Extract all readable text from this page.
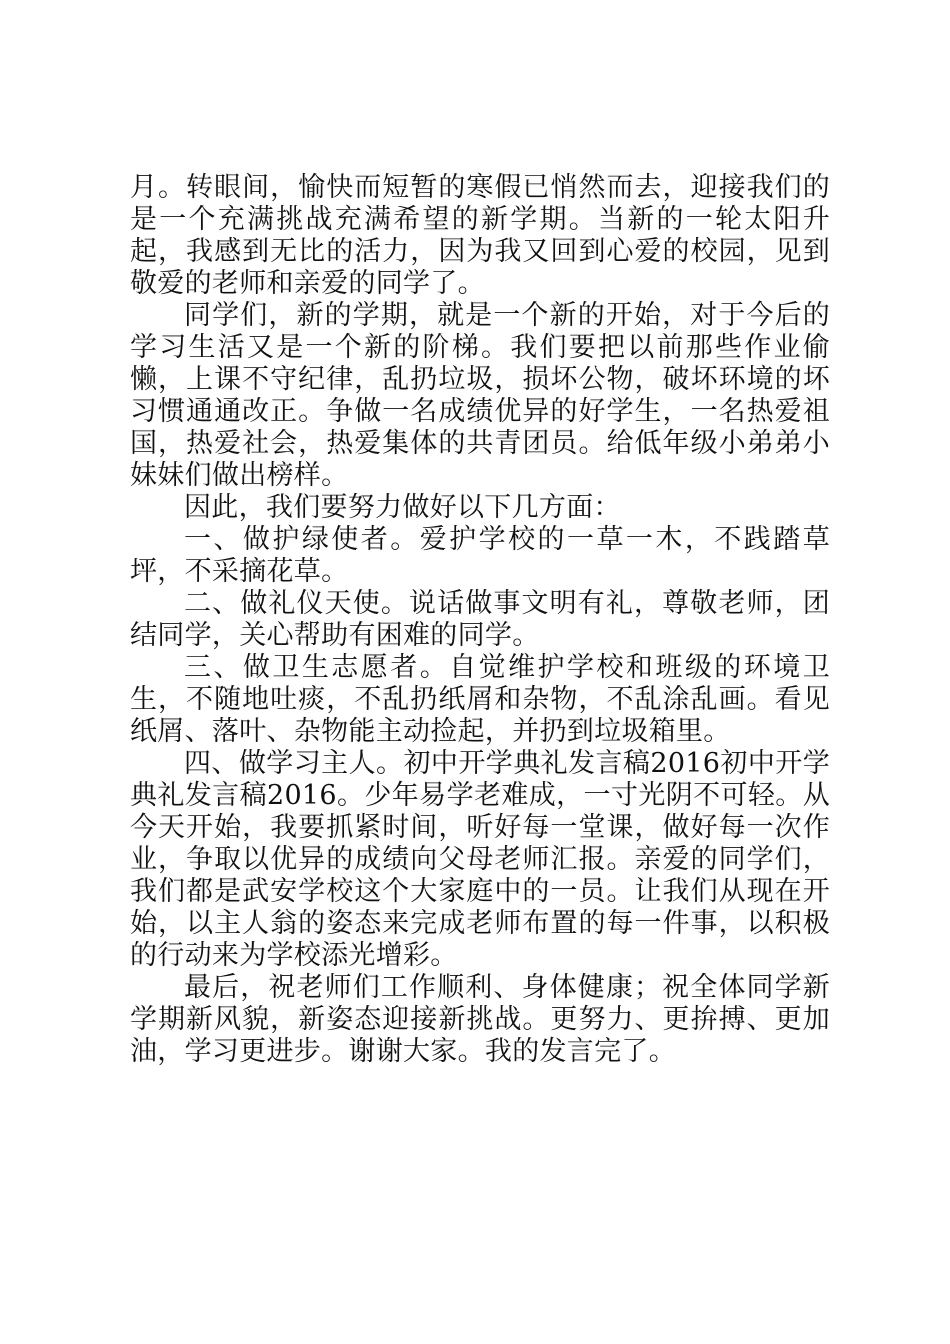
月。转眼间，愉快而短暂的寒假已悄然而去，迎接我们的是一个充满挑战充满希望的新学期。当新的一轮太阳升起，我感到无比的活力，因为我又回到心爱的校园，见到敬爱的老师和亲爱的同学了。

同学们，新的学期，就是一个新的开始，对于今后的学习生活又是一个新的阶梯。我们要把以前那些作业偷懒，上课不守纪律，乱扔垃圾，损坏公物，破坏环境的坏习惯通通改正。争做一名成绩优异的好学生，一名热爱祖国，热爱社会，热爱集体的共青团员。给低年级小弟弟小妹妹们做出榜样。

因此，我们要努力做好以下几方面：

一、做护绿使者。爱护学校的一草一木，不践踏草坪，不采摘花草。

二、做礼仪天使。说话做事文明有礼，尊敬老师，团结同学，关心帮助有困难的同学。

三、做卫生志愿者。自觉维护学校和班级的环境卫生，不随地吐痰，不乱扔纸屑和杂物，不乱涂乱画。看见纸屑、落叶、杂物能主动捡起，并扔到垃圾箱里。

四、做学习主人。初中开学典礼发言稿2016初中开学典礼发言稿2016。少年易学老难成，一寸光阴不可轻。从今天开始，我要抓紧时间，听好每一堂课，做好每一次作业，争取以优异的成绩向父母老师汇报。亲爱的同学们，我们都是武安学校这个大家庭中的一员。让我们从现在开始，以主人翁的姿态来完成老师布置的每一件事，以积极的行动来为学校添光增彩。

最后，祝老师们工作顺利、身体健康；祝全体同学新学期新风貌，新姿态迎接新挑战。更努力、更拚搏、更加油，学习更进步。谢谢大家。我的发言完了。
